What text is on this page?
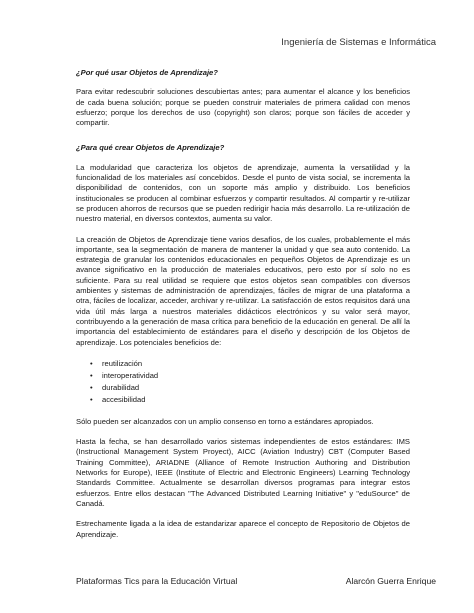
Ingeniería de Sistemas e Informática

¿Por qué usar Objetos de Aprendizaje?

Para evitar redescubrir soluciones descubiertas antes; para aumentar el alcance y los beneficios de cada buena solución; porque se pueden construir materiales de primera calidad con menos esfuerzo; porque los derechos de uso (copyright) son claros; porque son fáciles de acceder y compartir.

¿Para qué crear Objetos de Aprendizaje?

La modularidad que caracteriza los objetos de aprendizaje, aumenta la versatilidad y la funcionalidad de los materiales así concebidos. Desde el punto de vista social, se incrementa la disponibilidad de contenidos, con un soporte más amplio y distribuido. Los beneficios institucionales se producen al combinar esfuerzos y compartir resultados. Al compartir y re-utilizar se producen ahorros de recursos que se pueden redirigir hacia más desarrollo. La re-utilización de nuestro material, en diversos contextos, aumenta su valor.

La creación de Objetos de Aprendizaje tiene varios desafíos, de los cuales, probablemente el más importante, sea la segmentación de manera de mantener la unidad y que sea auto contenido. La estrategia de granular los contenidos educacionales en pequeños Objetos de Aprendizaje es un avance significativo en la producción de materiales educativos, pero esto por sí solo no es suficiente. Para su real utilidad se requiere que estos objetos sean compatibles con diversos ambientes y sistemas de administración de aprendizajes, fáciles de migrar de una plataforma a otra, fáciles de localizar, acceder, archivar y re-utilizar. La satisfacción de estos requisitos dará una vida útil más larga a nuestros materiales didácticos electrónicos y su valor será mayor, contribuyendo a la generación de masa crítica para beneficio de la educación en general. De allí la importancia del establecimiento de estándares para el diseño y descripción de los Objetos de aprendizaje. Los potenciales beneficios de:

• reutilización
• interoperatividad
• durabilidad
• accesibilidad

Sólo pueden ser alcanzados con un amplio consenso en torno a estándares apropiados.

Hasta la fecha, se han desarrollado varios sistemas independientes de estos estándares: IMS (Instructional Management System Proyect), AICC (Aviation Industry) CBT (Computer Based Training Committee), ARIADNE (Alliance of Remote Instruction Authoring and Distribution Networks for Europe), IEEE (Institute of Electric and Electronic Engineers) Learning Technology Standards Committee. Actualmente se desarrollan diversos programas para integrar estos esfuerzos. Entre ellos destacan "The Advanced Distributed Learning Initiative" y "eduSource" de Canadá.

Estrechamente ligada a la idea de estandarizar aparece el concepto de Repositorio de Objetos de Aprendizaje.

Plataformas Tics para la Educación Virtual	Alarcón Guerra Enrique
